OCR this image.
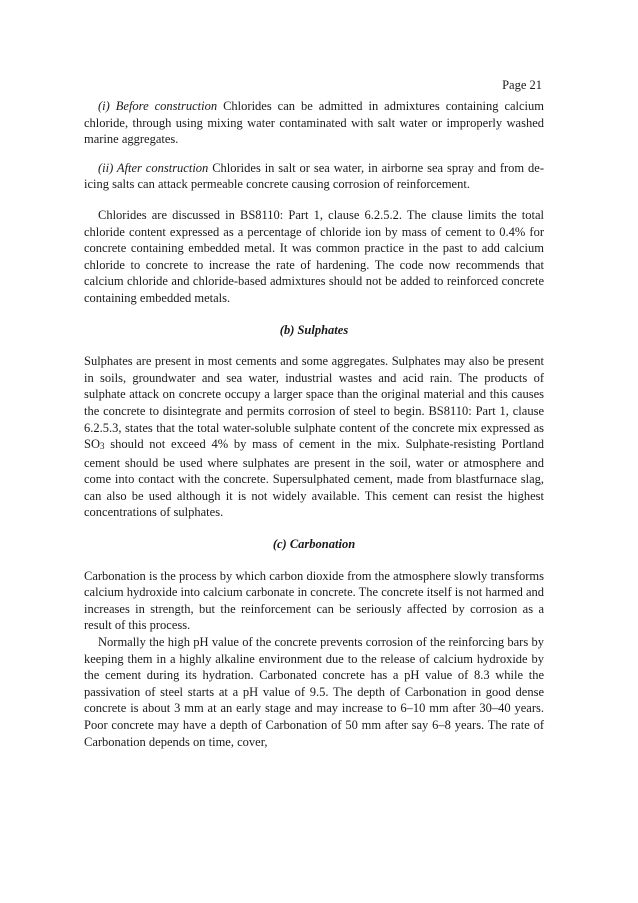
Page 21

(i) Before construction Chlorides can be admitted in admixtures containing calcium chloride, through using mixing water contaminated with salt water or improperly washed marine aggregates.

(ii) After construction Chlorides in salt or sea water, in airborne sea spray and from de-icing salts can attack permeable concrete causing corrosion of reinforcement.

Chlorides are discussed in BS8110: Part 1, clause 6.2.5.2. The clause limits the total chloride content expressed as a percentage of chloride ion by mass of cement to 0.4% for concrete containing embedded metal. It was common practice in the past to add calcium chloride to concrete to increase the rate of hardening. The code now recommends that calcium chloride and chloride-based admixtures should not be added to reinforced concrete containing embedded metals.

(b) Sulphates

Sulphates are present in most cements and some aggregates. Sulphates may also be present in soils, groundwater and sea water, industrial wastes and acid rain. The products of sulphate attack on concrete occupy a larger space than the original material and this causes the concrete to disintegrate and permits corrosion of steel to begin. BS8110: Part 1, clause 6.2.5.3, states that the total water-soluble sulphate content of the concrete mix expressed as $SO_3$ should not exceed 4% by mass of cement in the mix. Sulphate-resisting Portland cement should be used where sulphates are present in the soil, water or atmosphere and come into contact with the concrete. Supersulphated cement, made from blastfurnace slag, can also be used although it is not widely available. This cement can resist the highest concentrations of sulphates.

(c) Carbonation

Carbonation is the process by which carbon dioxide from the atmosphere slowly transforms calcium hydroxide into calcium carbonate in concrete. The concrete itself is not harmed and increases in strength, but the reinforcement can be seriously affected by corrosion as a result of this process.

Normally the high pH value of the concrete prevents corrosion of the reinforcing bars by keeping them in a highly alkaline environment due to the release of calcium hydroxide by the cement during its hydration. Carbonated concrete has a pH value of 8.3 while the passivation of steel starts at a pH value of 9.5. The depth of Carbonation in good dense concrete is about 3 mm at an early stage and may increase to 6–10 mm after 30–40 years. Poor concrete may have a depth of Carbonation of 50 mm after say 6–8 years. The rate of Carbonation depends on time, cover,
